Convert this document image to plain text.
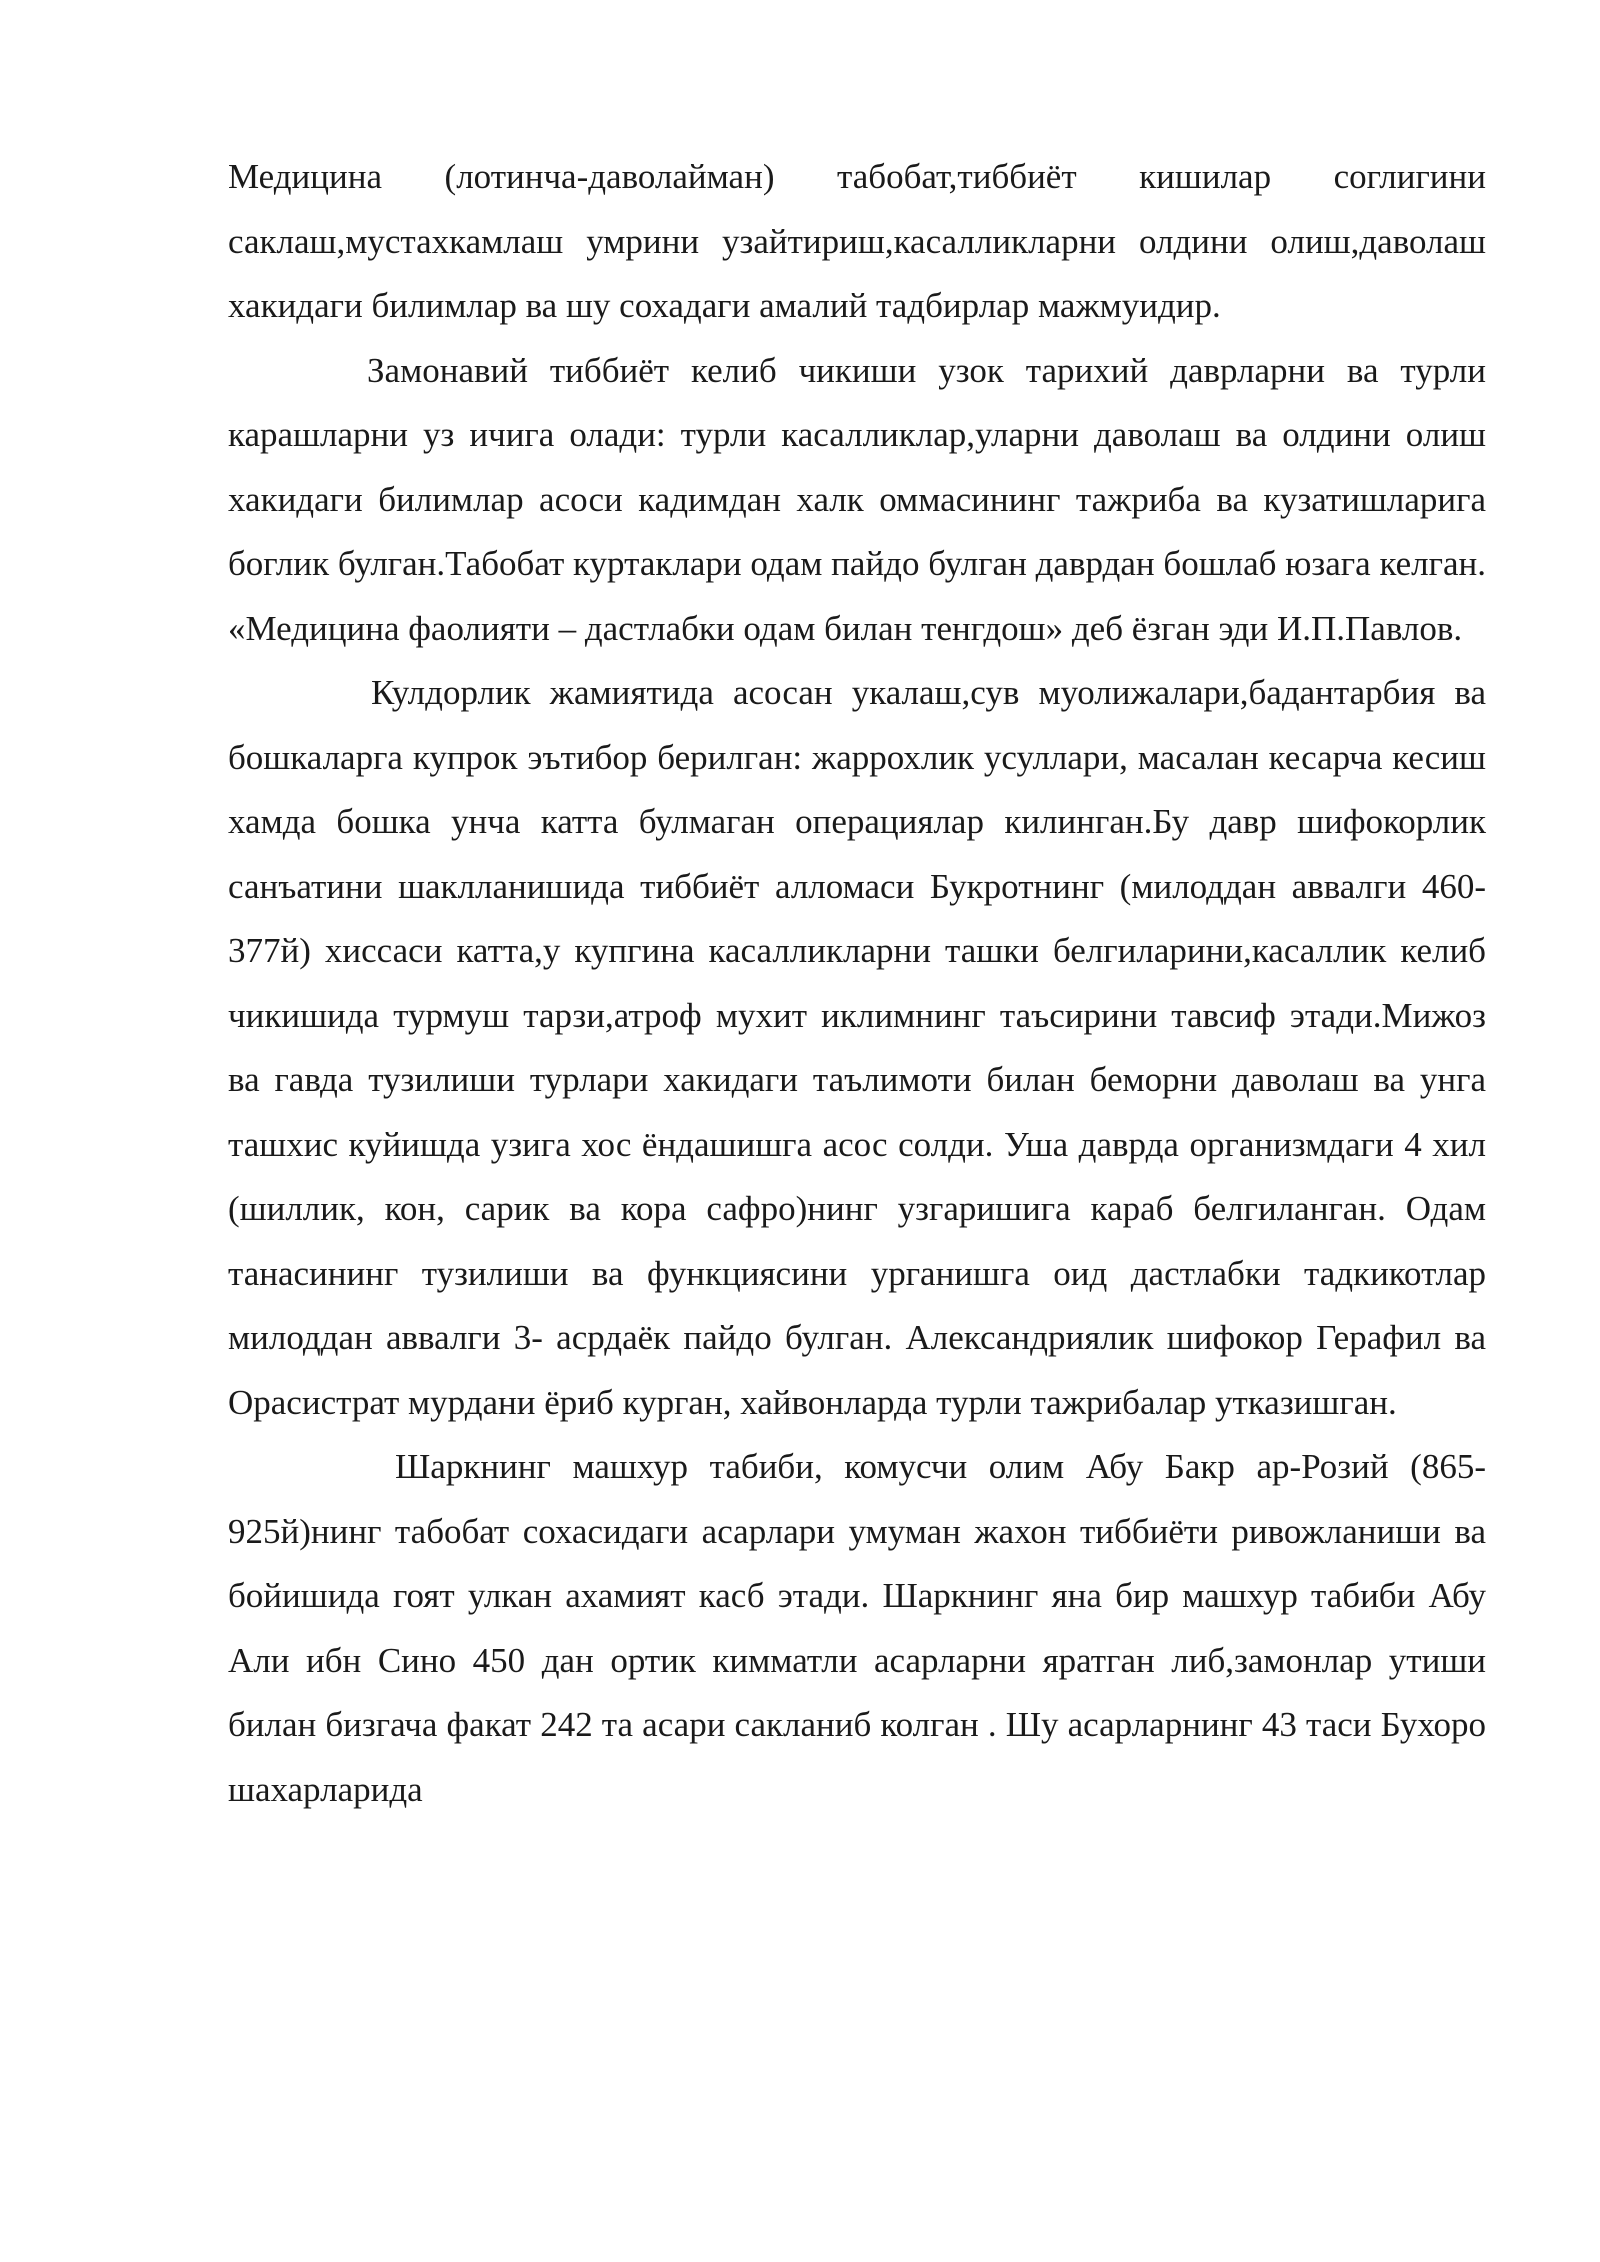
Медицина (лотинча-даволайман) табобат,тиббиёт кишилар соглигини саклаш,мустахкамлаш умрини узайтириш,касалликларни олдини олиш,даволаш хакидаги билимлар ва шу сохадаги амалий тадбирлар мажмуидир.

Замонавий тиббиёт келиб чикиши узок тарихий даврларни ва турли карашларни уз ичига олади: турли касалликлар,уларни даволаш ва олдини олиш хакидаги билимлар асоси кадимдан халк оммасининг тажриба ва кузатишларига боглик булган.Табобат куртаклари одам пайдо булган даврдан бошлаб юзага келган. «Медицина фаолияти – дастлабки одам билан тенгдош» деб ёзган эди И.П.Павлов.

Кулдорлик жамиятида асосан укалаш,сув муолижалари,бадантарбия ва бошкаларга купрок эътибор берилган: жаррохлик усуллари, масалан кесарча кесиш хамда бошка унча катта булмаган операциялар килинган.Бу давр шифокорлик санъатини шаклланишида тиббиёт алломаси Букротнинг (милоддан аввалги 460-377й) хиссаси катта,у купгина касалликларни ташки белгиларини,касаллик келиб чикишида турмуш тарзи,атроф мухит иклимнинг таъсирини тавсиф этади.Мижоз ва гавда тузилиши турлари хакидаги таълимоти билан беморни даволаш ва унга ташхис куйишда узига хос ёндашишга асос солди. Уша даврда организмдаги 4 хил (шиллик, кон, сарик ва кора сафро)нинг узгаришига караб белгиланган. Одам танасининг тузилиши ва функциясини урганишга оид дастлабки тадкикотлар милоддан аввалги 3- асрдаёк пайдо булган. Александриялик шифокор Герафил ва Орасистрат мурдани ёриб курган, хайвонларда турли тажрибалар утказишган.

Шаркнинг машхур табиби, комусчи олим Абу Бакр ар-Розий (865-925й)нинг табобат сохасидаги асарлари умуман жахон тиббиёти ривожланиши ва бойишида гоят улкан ахамият касб этади. Шаркнинг яна бир машхур табиби Абу Али ибн Сино 450 дан ортик кимматли асарларни яратган либ,замонлар утиши билан бизгача факат 242 та асари сакланиб колган . Шу асарларнинг 43 таси Бухоро шахарларида
